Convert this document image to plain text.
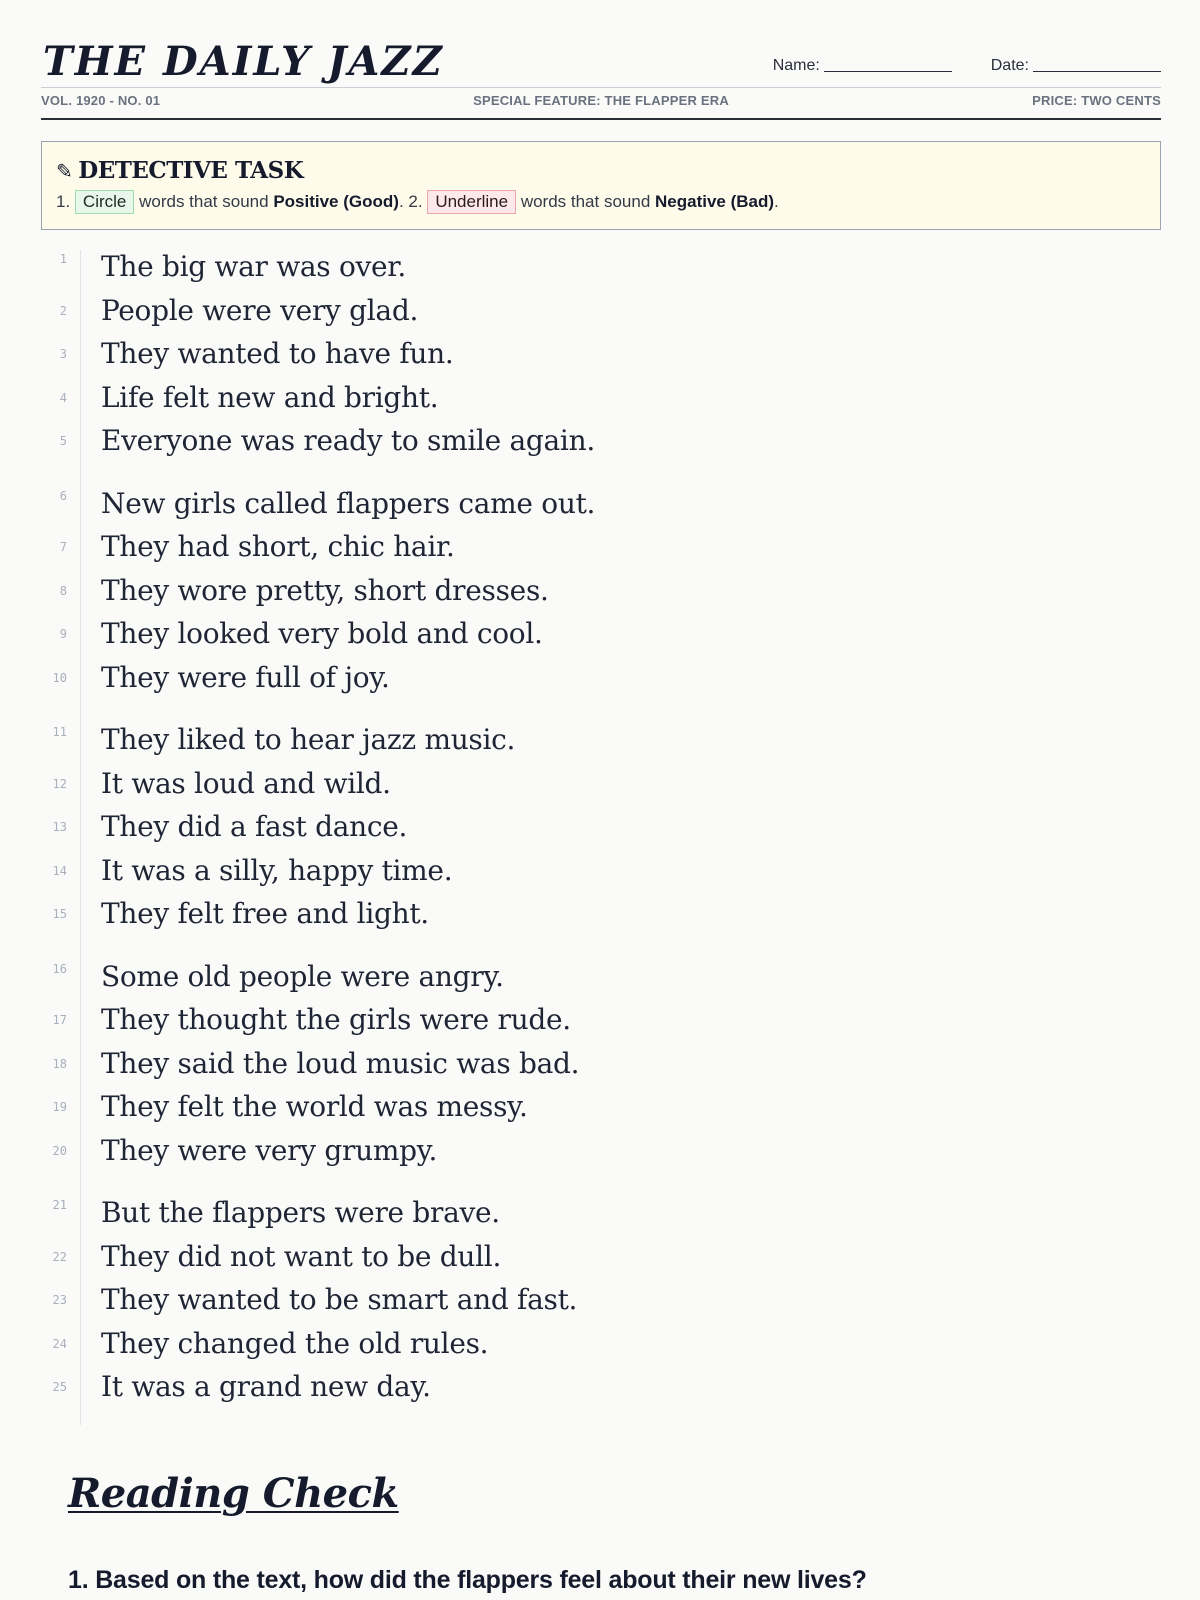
THE DAILY JAZZ	Name:	Date:
VOL. 1920 - NO. 01	SPECIAL FEATURE: THE FLAPPER ERA	PRICE: TWO CENTS
✎ DETECTIVE TASK
1. Circle words that sound Positive (Good). 2. Underline words that sound Negative (Bad).
1 The big war was over.
2 People were very glad.
3 They wanted to have fun.
4 Life felt new and bright.
5 Everyone was ready to smile again.
6 New girls called flappers came out.
7 They had short, chic hair.
8 They wore pretty, short dresses.
9 They looked very bold and cool.
10 They were full of joy.
11 They liked to hear jazz music.
12 It was loud and wild.
13 They did a fast dance.
14 It was a silly, happy time.
15 They felt free and light.
16 Some old people were angry.
17 They thought the girls were rude.
18 They said the loud music was bad.
19 They felt the world was messy.
20 They were very grumpy.
21 But the flappers were brave.
22 They did not want to be dull.
23 They wanted to be smart and fast.
24 They changed the old rules.
25 It was a grand new day.
Reading Check
1. Based on the text, how did the flappers feel about their new lives?
